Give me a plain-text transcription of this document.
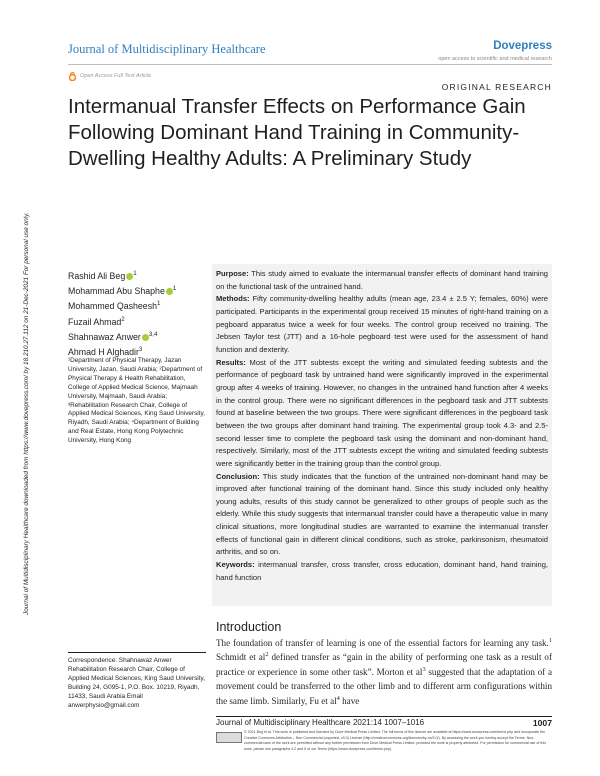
Journal of Multidisciplinary Healthcare	Dovepress
open access to scientific and medical research
Open Access Full Text Article
ORIGINAL RESEARCH
Intermanual Transfer Effects on Performance Gain Following Dominant Hand Training in Community-Dwelling Healthy Adults: A Preliminary Study
Journal of Multidisciplinary Healthcare downloaded from https://www.dovepress.com/ by 18.210.27.112 on 21-Dec-2021 For personal use only.	Rashid Ali Beg $^1$
Mohammad Abu Shaphe $^1$
Mohammed Qasheesh$^1$
Fuzail Ahmad$^2$
Shahnawaz Anwer $^{3,4}$
Ahmad H Alghadir$^3$
¹Department of Physical Therapy, Jazan University, Jazan, Saudi Arabia; ²Department of Physical Therapy & Health Rehabilitation, College of Applied Medical Science, Majmaah University, Majmaah, Saudi Arabia; ³Rehabilitation Research Chair, College of Applied Medical Sciences, King Saud University, Riyadh, Saudi Arabia; ⁴Department of Building and Real Estate, Hong Kong Polytechnic University, Hong Kong
Correspondence: Shahnawaz Anwer Rehabilitation Research Chair, College of Applied Medical Sciences, King Saud University, Building 24, G095-1, P.O. Box. 10219, Riyadh, 11433, Saudi Arabia Email anwerphysio@gmail.com
Purpose: This study aimed to evaluate the intermanual transfer effects of dominant hand training on the functional task of the untrained hand.
Methods: Fifty community-dwelling healthy adults (mean age, 23.4 ± 2.5 Y; females, 60%) were participated. Participants in the experimental group received 15 minutes of right-hand training on a pegboard apparatus twice a week for four weeks. The control group received no training. The Jebsen Taylor test (JTT) and a 16-hole pegboard test were used for the assessment of hand function and dexterity.
Results: Most of the JTT subtests except the writing and simulated feeding subtests and the performance of pegboard task by untrained hand were significantly improved in the experimental group after 4 weeks of training. However, no changes in the untrained hand function after 4 weeks in the control group. There were no significant differences in the pegboard task and JTT subtests found at baseline between the two groups. There were significant differences in the pegboard task between the two groups after dominant hand training. The experimental group took 4.3- and 2.5-second lesser time to complete the pegboard task using the dominant and non-dominant hand, respectively. Similarly, most of the JTT subtests except the writing and simulated feeding subtests were significantly better in the training group than the control group.
Conclusion: This study indicates that the function of the untrained non-dominant hand may be improved after functional training of the dominant hand. Since this study included only healthy young adults, results of this study cannot be generalized to other groups of people such as the elderly. While this study suggests that intermanual transfer could have a therapeutic value in many clinical situations, more longitudinal studies are warranted to examine the intermanual transfer effects of functional gain in different clinical conditions, such as stroke, parkinsonism, rheumatoid arthritis, and so on.
Keywords: intermanual transfer, cross transfer, cross education, dominant hand, hand training, hand function
Introduction
The foundation of transfer of learning is one of the essential factors for learning any task.$^1$ Schmidt et $al^2$ defined transfer as “gain in the ability of performing one task as a result of practice or experience in some other task”. Morton et $al^3$ suggested that the adaptation of a movement could be transferred to the other limb and to different arm configurations within the same limb. Similarly, Fu et $al^4$ have
Journal of Multidisciplinary Healthcare 2021:14 1007–1016	1007
© 2021 Beg et al. This work is published and licensed by Dove Medical Press Limited. The full terms of this license are available at https://www.dovepress.com/terms.php and incorporate the Creative Commons Attribution – Non Commercial (unported, v3.0) License (http://creativecommons.org/licenses/by-nc/3.0/). By accessing the work you hereby accept the Terms. Non-commercial uses of the work are permitted without any further permission from Dove Medical Press Limited, provided the work is properly attributed. For permission for commercial use of this work, please see paragraphs 4.2 and 5 of our Terms (https://www.dovepress.com/terms.php).
